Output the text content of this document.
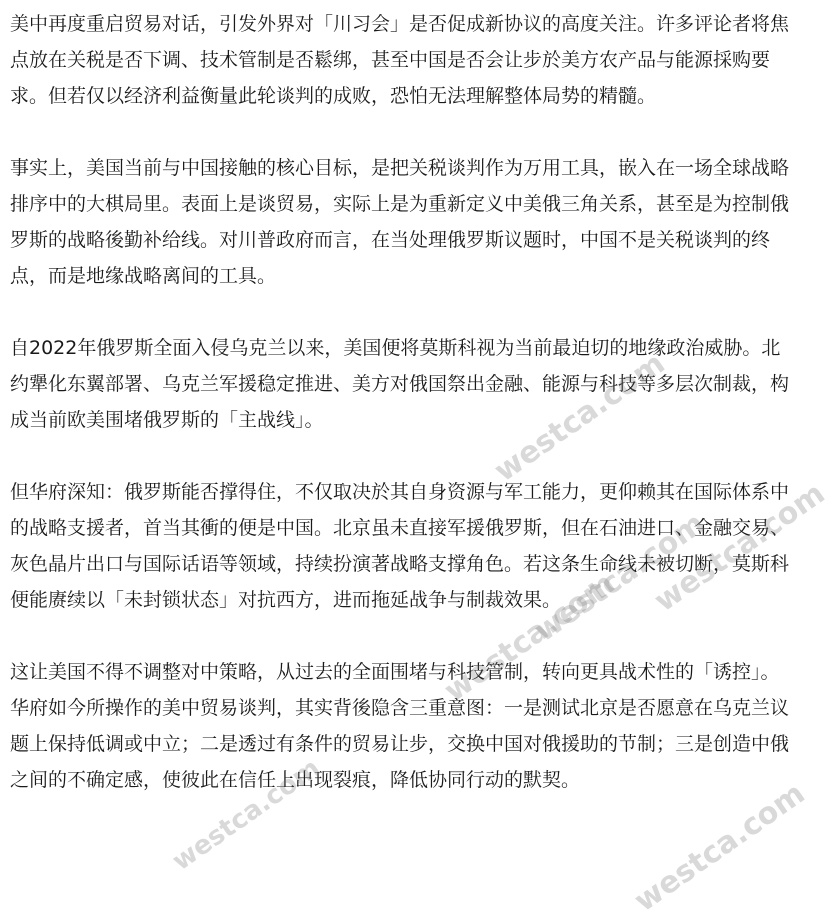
美中再度重启贸易对话，引发外界对「川习会」是否促成新协议的高度关注。许多评论者将焦点放在关税是否下调、技术管制是否鬆绑，甚至中国是否会让步於美方农产品与能源採购要求。但若仅以经济利益衡量此轮谈判的成败，恐怕无法理解整体局势的精髓。

事实上，美国当前与中国接触的核心目标，是把关税谈判作为万用工具，嵌入在一场全球战略排序中的大棋局里。表面上是谈贸易，实际上是为重新定义中美俄三角关系，甚至是为控制俄罗斯的战略後勤补给线。对川普政府而言，在当处理俄罗斯议题时，中国不是关税谈判的终点，而是地缘战略离间的工具。

自2022年俄罗斯全面入侵乌克兰以来，美国便将莫斯科视为当前最迫切的地缘政治威胁。北约犟化东翼部署、乌克兰军援稳定推进、美方对俄国祭出金融、能源与科技等多层次制裁，构成当前欧美围堵俄罗斯的「主战线」。

但华府深知：俄罗斯能否撑得住，不仅取决於其自身资源与军工能力，更仰赖其在国际体系中的战略支援者，首当其衝的便是中国。北京虽未直接军援俄罗斯，但在石油进口、金融交易、灰色晶片出口与国际话语等领域，持续扮演著战略支撑角色。若这条生命线未被切断，莫斯科便能赓续以「未封锁状态」对抗西方，进而拖延战争与制裁效果。

这让美国不得不调整对中策略，从过去的全面围堵与科技管制，转向更具战术性的「诱控」。华府如今所操作的美中贸易谈判，其实背後隐含三重意图：一是测试北京是否愿意在乌克兰议题上保持低调或中立；二是透过有条件的贸易让步，交换中国对俄援助的节制；三是创造中俄之间的不确定感，使彼此在信任上出现裂痕，降低协同行动的默契。

westca.com
westca.com
westca.com
westca.com
westca.com
westca.com
